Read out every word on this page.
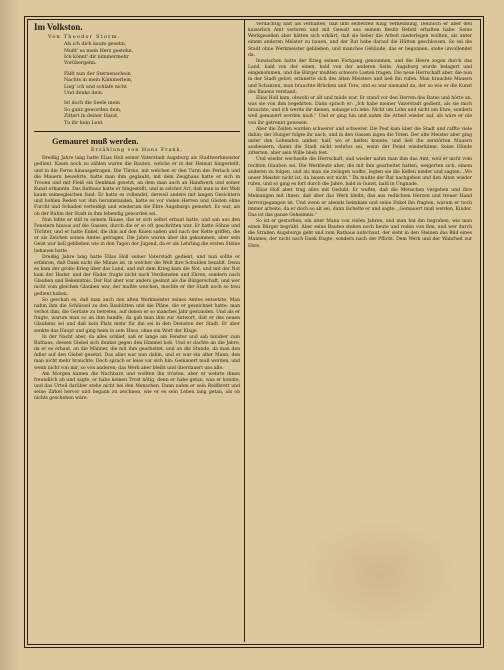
Im Volkston.
Von Theodor Storm.
Als ich dich kaum gesehn,
Mußt' es mein Herz gestehn,
Ich könnt' dir nimmermehr
Vorübergehn.
Fällt nun der Sternenschein
Nachts in mein Kämmerlein,
Lieg' ich und schlafe nicht
Und denke dein.
Ist doch die Seele mein
So ganz geworden dein,
Zittert in deiner Hand,
Tu ihr kein Leid.
Gemauret muß werden.
Erzählung von Hans Frank.

Dreißig Jahre lang hatte Elias Holl seiner Vaterstadt Augsburg als Stadtwerkmeister gedient. Kaum noch zu zählen waren die Bauten, welche er in der Heimat hingestellt, und in die Ferne hinausgetragen. Die Türme, mit welchen er den Turm des Perlach und die Mauern bewehrte, hatte man ihm geglaubt; mit dem Zeughaus hatte er sich in Treuen und mit Fleiß ein Denkmal gesetzt, an dem man auch an Handwerk und seiner Kunst erkannte. Das Rathaus hatte er hingestellt, und in solcher Art, daß man in der Welt kaum seinesgleichen fand. Er hatte es vollendet, derweil andere mit langen Gesichtern und hohlen Reden vor ihm herumstanden, hatte es vor vielen Herren und Gästen ohne Furcht und Schaden verteidigt und wiederum die Ehre Augsburgs gemehrt. Es war, als ob der Ruhm der Stadt in ihm lebendig geworden sei.

Nun lebte er still in seinem Hause, das er sich selbst erbaut hatte, und sah aus den Fenstern hinaus auf die Gassen, durch die er so oft geschritten war. Er hatte Söhne und Töchter, und er hatte Enkel, die ihm auf den Knien saßen und nach der Kette griffen, die er als Zeichen seines Amtes getragen. Die Jahre waren über ihn gekommen, aber sein Geist war hell geblieben wie in den Tagen der Jugend, da er als Lehrling die ersten Steine behauen hatte.

Dreißig Jahre lang hatte Elias Holl seiner Vaterstadt gedient, und nun sollte er erfahren, daß Dank nicht die Münze ist, in welcher die Welt ihre Schulden bezahlt. Denn es kam der große Krieg über das Land, und mit dem Krieg kam die Not, und mit der Not kam der Hader, und der Hader fragte nicht nach Verdiensten und Ehren, sondern nach Glauben und Bekenntnis. Der Rat aber war anders gesinnt als die Bürgerschaft, und wer nicht vom gleichen Glauben war, der mußte weichen, mochte er der Stadt noch so treu gedient haben.

So geschah es, daß man auch den alten Werkmeister seines Amtes entsetzte. Man nahm ihm die Schlüssel zu den Bauhütten und die Pläne, die er gezeichnet hatte; man verbot ihm, die Gerüste zu betreten, auf denen er so manches Jahr gestanden. Und als er fragte, warum man so an ihm handle, da gab man ihm zur Antwort, daß er des neuen Glaubens sei und daß kein Platz mehr für ihn sei in den Diensten der Stadt. Er aber senkte das Haupt und ging heim in sein Haus, ohne ein Wort der Klage.

In der Nacht aber, da alles schlief, saß er lange am Fenster und sah hinüber zum Rathaus, dessen Giebel sich dunkel gegen den Himmel hob. Und er dachte an die Jahre, da er es erbaut, an die Männer, die mit ihm gearbeitet, und an die Stunde, da man den Adler auf den Giebel gesetzt. Das alles war nun dahin, und er war ein alter Mann, den man nicht mehr brauchte. Doch sprach er leise vor sich hin: Gemauert muß werden, und wenn nicht von mir, so von anderen; das Werk aber bleibt und überdauert uns alle.

Am Morgen kamen die Nachbarn und wollten ihn trösten, aber er wehrte ihnen freundlich ab und sagte, er habe keinen Trost nötig, denn er habe getan, was er konnte, und das Urteil darüber stehe nicht bei den Menschen. Dann nahm er sein Reißbrett und seine Zirkel hervor und begann zu zeichnen, wie er es sein Leben lang getan, als ob nichts geschehen wäre.

Verdächtig hält als verhalten, daß ihm seinerzeit Klug Verkennung, Dennoch er aber den kaiserlich Amt verloren und mit Gewalt aus seinem Besitz Befehl erhalten habe. Seine Werkgesellen aber hätten sich erklärt, daß sie lieber die Arbeit niederlegen wollten, als unter einem anderen Meister zu bauen, und der Rat habe darauf die Hütten geschlossen. So sei die Stadt ohne Werkmeister geblieben, und manches Gebäude, das er begonnen, stehe unvollendet da.

Inzwischen hatte der Krieg seinen Fortgang genommen, und die Heere zogen durch das Land, bald von der einen, bald von der anderen Seite. Augsburg wurde belagert und eingenommen, und die Bürger mußten schwere Lasten tragen. Die neue Herrschaft aber, die nun in der Stadt gebot, erinnerte sich des alten Meisters und ließ ihn rufen. Man brauchte Mauern und Schanzen, man brauchte Brücken und Tore, und es war niemand da, der so wie er die Kunst des Bauens verstand.

Elias Holl kam, obwohl er alt und müde war. Er stand vor den Herren des Rates und hörte an, was sie von ihm begehrten. Dann sprach er: „Ich habe meiner Vaterstadt gedient, als sie mich brauchte, und ich werde ihr dienen, solange ich lebe. Nicht um Lohn und nicht um Ehre, sondern weil gemauert werden muß.“ Und er ging hin und nahm die Arbeit wieder auf, als wäre er nie von ihr getrennt gewesen.

Aber die Zeiten wurden schwerer und schwerer. Die Pest kam über die Stadt und raffte viele dahin; der Hunger folgte ihr nach, und in den Gassen lagen die Toten. Der alte Meister aber ging unter den Lebenden umher, half, wo er helfen konnte, und ließ die zerstörten Mauern ausbessern, damit die Stadt nicht wehrlos sei, wenn der Feind wiederkäme. Seine Hände zitterten, aber sein Wille blieb fest.

Und wieder wechselte die Herrschaft, und wieder nahm man ihm das Amt, weil er nicht vom rechten Glauben sei. Die Werkleute aber, die mit ihm gearbeitet hatten, weigerten sich, einem anderen zu folgen, und als man sie zwingen wollte, legten sie die Kellen nieder und sagten: „Wo unser Meister nicht ist, da bauen wir nicht.“ Da mußte der Rat nachgeben und den Alten wieder rufen, und so ging es fort durch die Jahre, bald in Gunst, bald in Ungnade.

Elias Holl aber trug alles mit Geduld. Er wußte, daß die Menschen vergehen und ihre Meinungen mit ihnen, daß aber das Werk bleibt, das aus redlichem Herzen und treuer Hand hervorgegangen ist. Und wenn er abends heimkam und seine Enkel ihn fragten, warum er noch immer arbeite, da er doch so alt sei, dann lächelte er und sagte: „Gemauert muß werden, Kinder. Das ist das ganze Geheimnis.“

So ist er gestorben, ein alter Mann von vielen Jahren, und man hat ihn begraben, wie man einen Bürger begräbt. Aber seine Bauten stehen noch heute und reden von ihm, und wer durch die Straßen Augsburgs geht und zum Rathaus aufschaut, der sieht in den Steinen das Bild eines Mannes, der nicht nach Dank fragte, sondern nach der Pflicht. Dem Werk und der Wahrheit zur Ehre.
